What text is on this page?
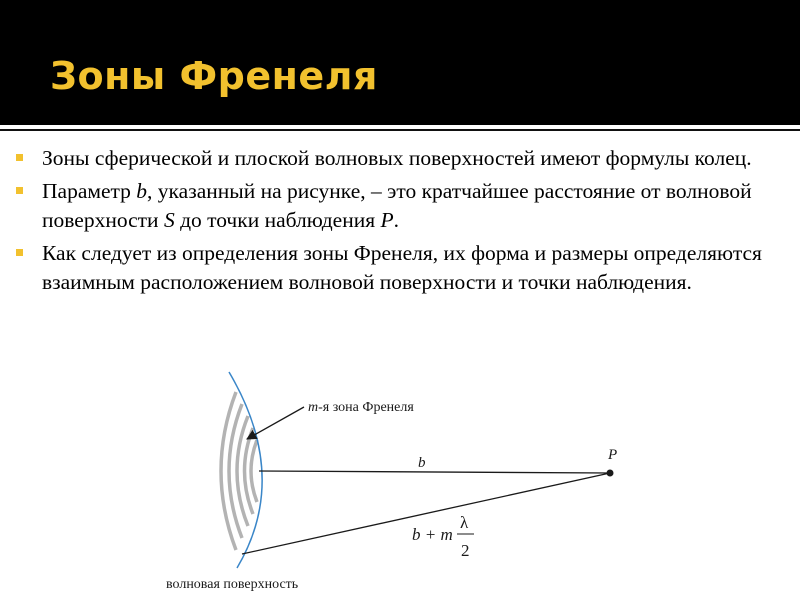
Зоны Френеля
Зоны сферической и плоской волновых поверхностей имеют формулы колец.
Параметр b, указанный на рисунке, – это кратчайшее расстояние от волновой поверхности S до точки наблюдения P.
Как следует из определения зоны Френеля, их форма и размеры определяются взаимным расположением волновой поверхности и точки наблюдения.
m-я зона Френеля
P
b
b + m
λ
2
волновая поверхность
